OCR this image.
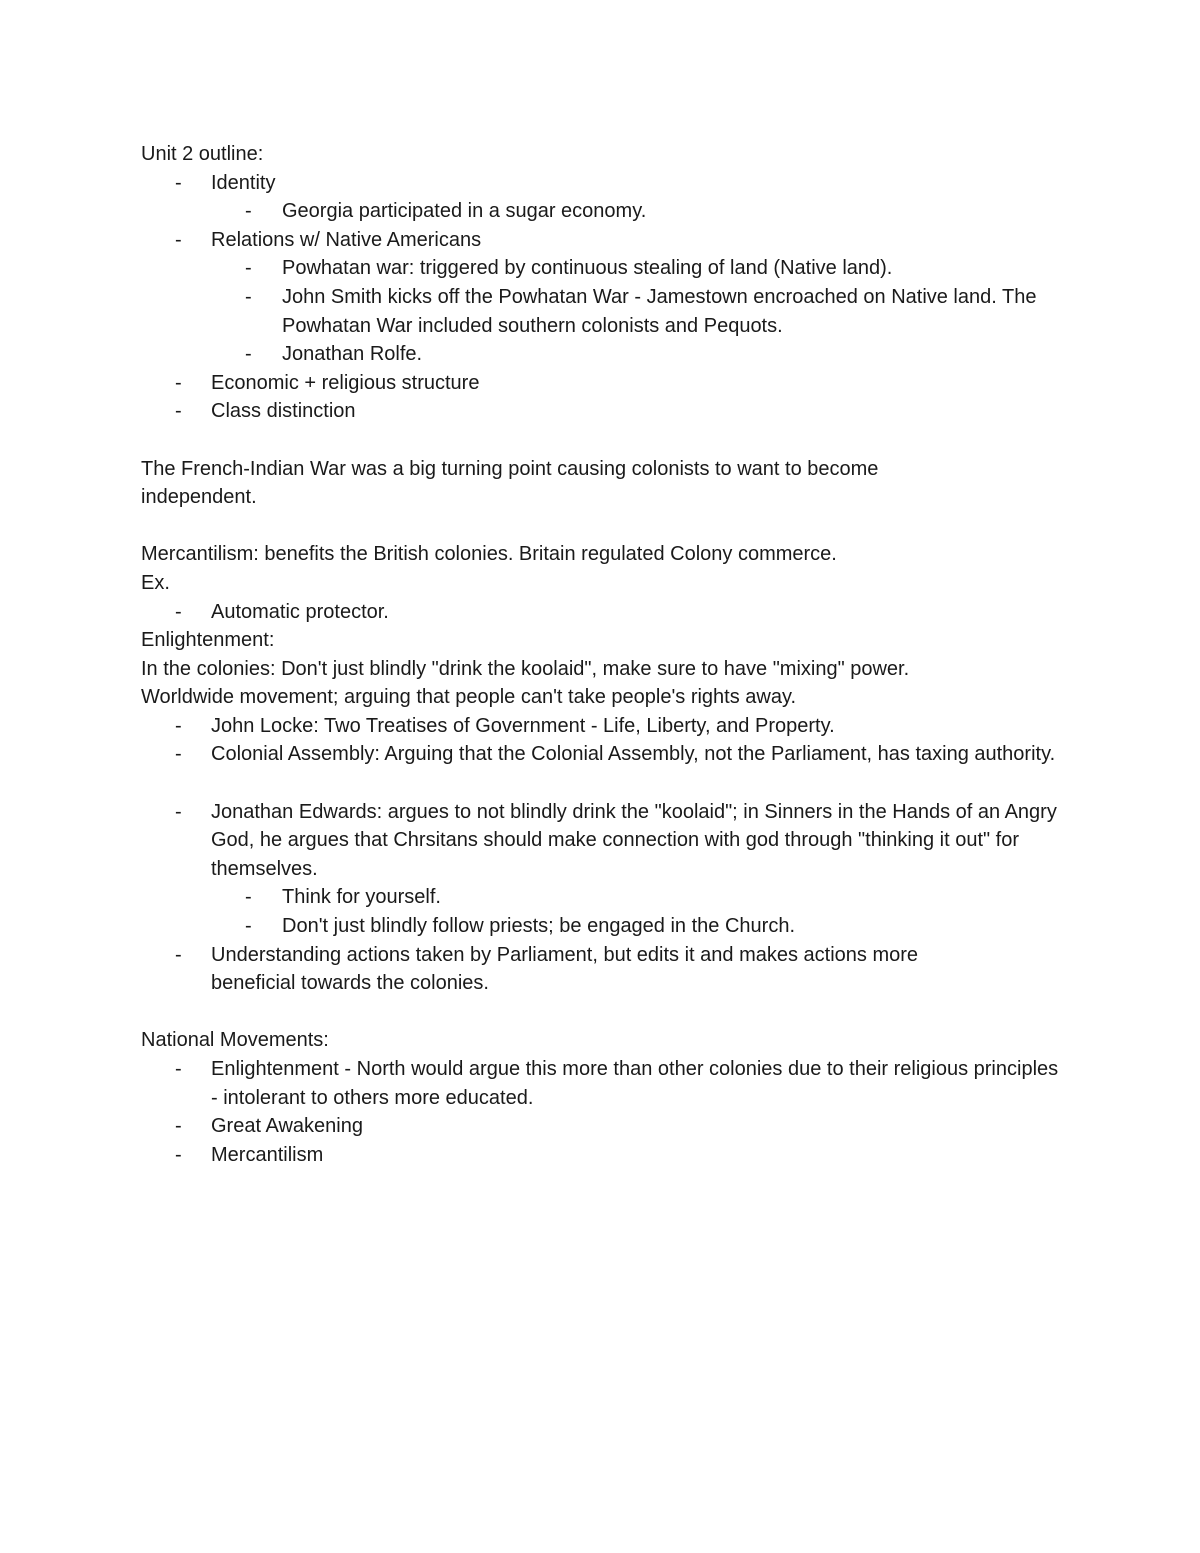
Unit 2 outline:
- Identity
- Georgia participated in a sugar economy.
- Relations w/ Native Americans
- Powhatan war: triggered by continuous stealing of land (Native land).
- John Smith kicks off the Powhatan War - Jamestown encroached on Native land. The Powhatan War included southern colonists and Pequots.
- Jonathan Rolfe.
- Economic + religious structure
- Class distinction
The French-Indian War was a big turning point causing colonists to want to become independent.
Mercantilism: benefits the British colonies. Britain regulated Colony commerce.
Ex.
- Automatic protector.
Enlightenment:
In the colonies: Don't just blindly "drink the koolaid", make sure to have "mixing" power.
Worldwide movement; arguing that people can't take people's rights away.
- John Locke: Two Treatises of Government - Life, Liberty, and Property.
- Colonial Assembly: Arguing that the Colonial Assembly, not the Parliament, has taxing authority.
- Jonathan Edwards: argues to not blindly drink the "koolaid"; in Sinners in the Hands of an Angry God, he argues that Chrsitans should make connection with god through "thinking it out" for themselves.
- Think for yourself.
- Don't just blindly follow priests; be engaged in the Church.
- Understanding actions taken by Parliament, but edits it and makes actions more beneficial towards the colonies.
National Movements:
- Enlightenment - North would argue this more than other colonies due to their religious principles - intolerant to others more educated.
- Great Awakening
- Mercantilism
